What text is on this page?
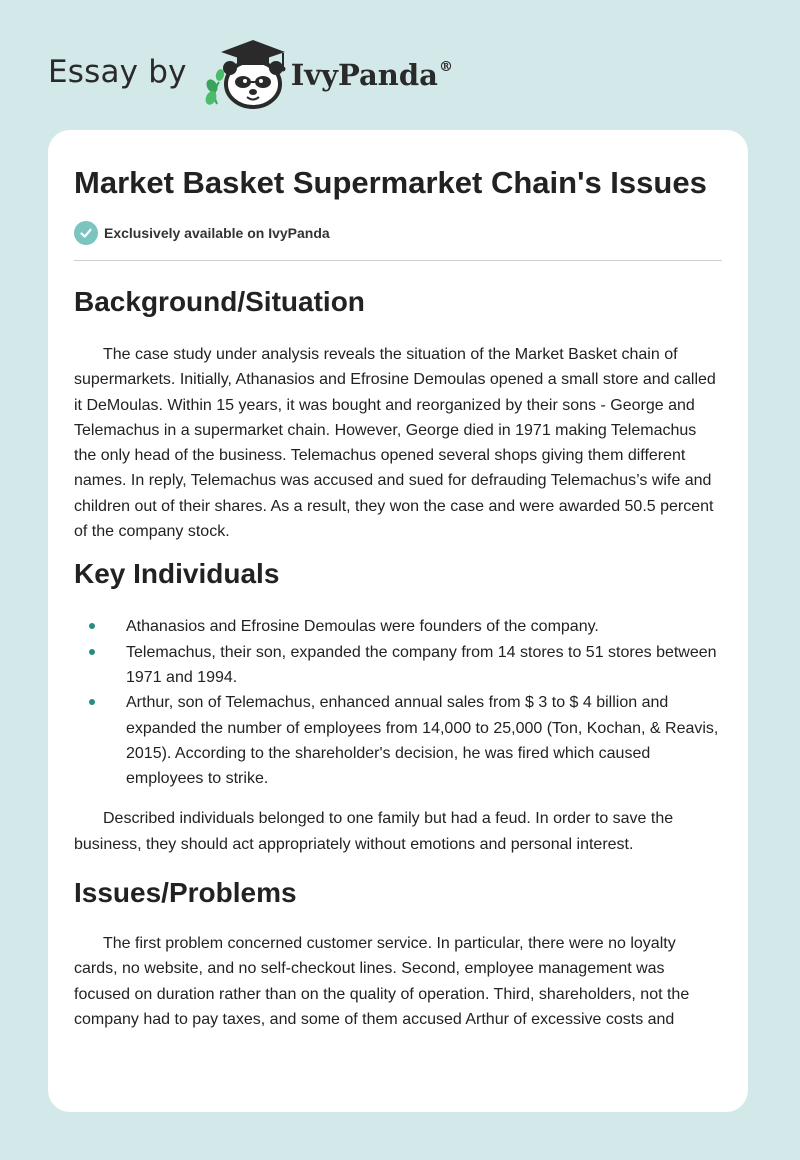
Essay by	IvyPanda®
Market Basket Supermarket Chain's Issues
Exclusively available on IvyPanda
Background/Situation

The case study under analysis reveals the situation of the Market Basket chain of supermarkets. Initially, Athanasios and Efrosine Demoulas opened a small store and called it DeMoulas. Within 15 years, it was bought and reorganized by their sons - George and Telemachus in a supermarket chain. However, George died in 1971 making Telemachus the only head of the business. Telemachus opened several shops giving them different names. In reply, Telemachus was accused and sued for defrauding Telemachus’s wife and children out of their shares. As a result, they won the case and were awarded 50.5 percent of the company stock.

Key Individuals
Athanasios and Efrosine Demoulas were founders of the company.
Telemachus, their son, expanded the company from 14 stores to 51 stores between 1971 and 1994.
Arthur, son of Telemachus, enhanced annual sales from $ 3 to $ 4 billion and expanded the number of employees from 14,000 to 25,000 (Ton, Kochan, & Reavis, 2015). According to the shareholder's decision, he was fired which caused employees to strike.

Described individuals belonged to one family but had a feud. In order to save the business, they should act appropriately without emotions and personal interest.

Issues/Problems

The first problem concerned customer service. In particular, there were no loyalty cards, no website, and no self-checkout lines. Second, employee management was focused on duration rather than on the quality of operation. Third, shareholders, not the company had to pay taxes, and some of them accused Arthur of excessive costs and
